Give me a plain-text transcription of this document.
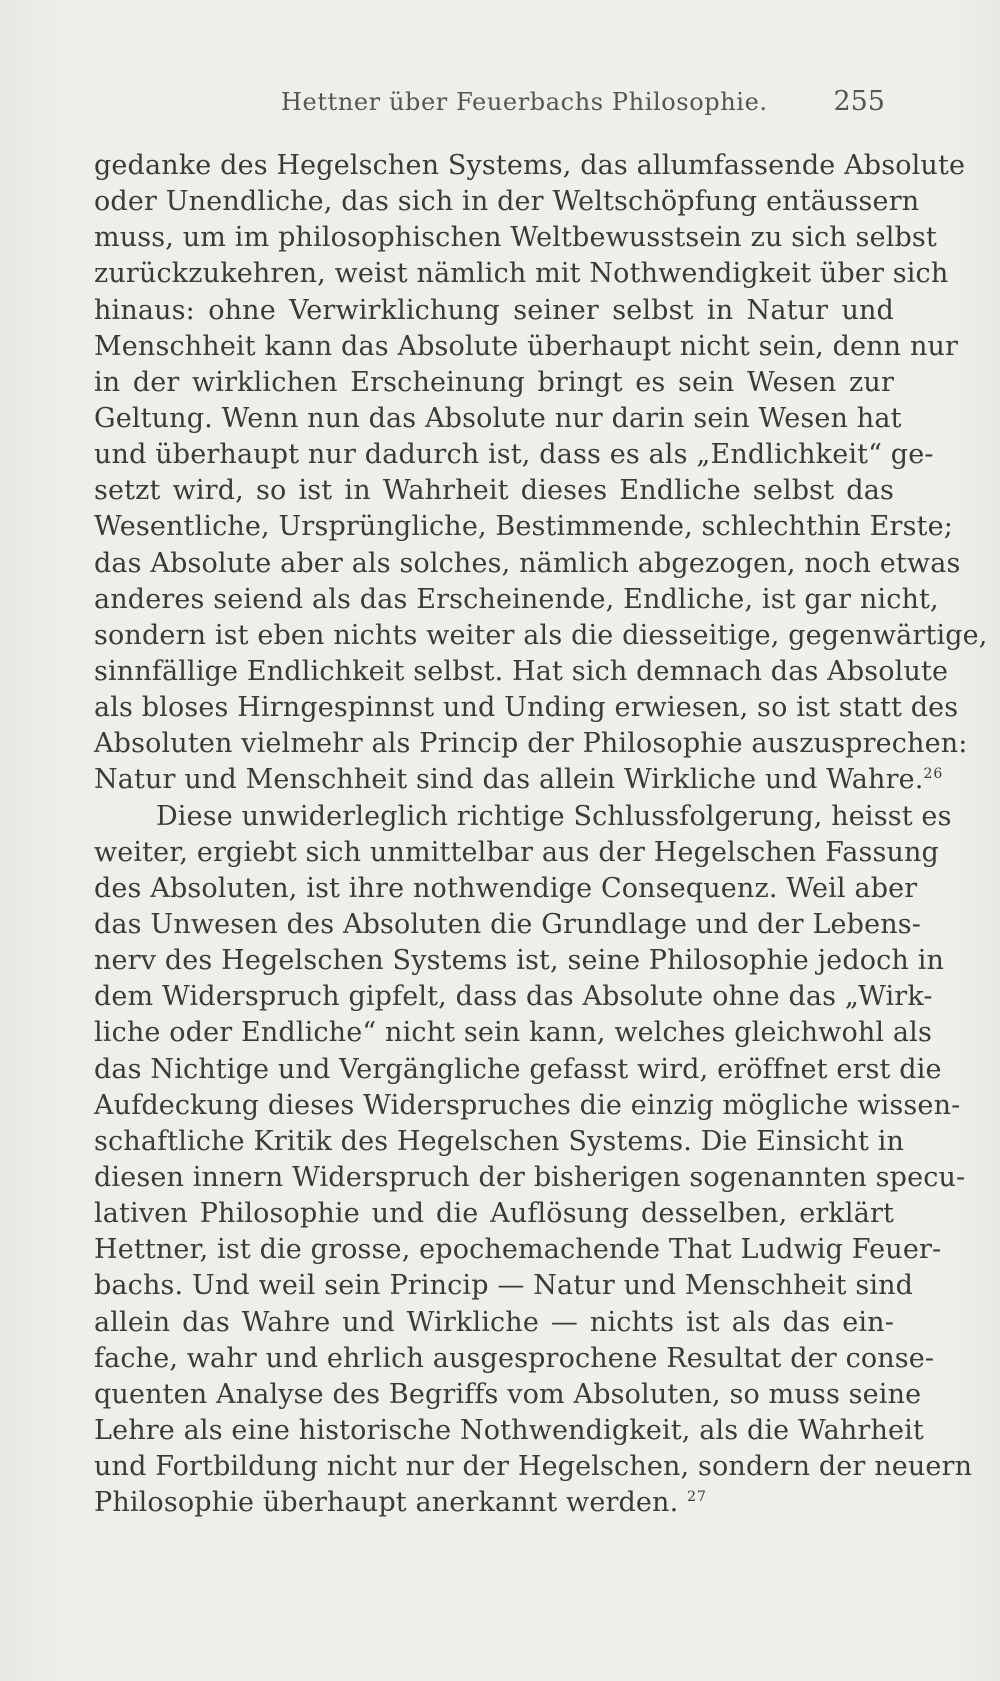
Hettner über Feuerbachs Philosophie. 255
gedanke des Hegelschen Systems, das allumfassende Absolute
oder Unendliche, das sich in der Weltschöpfung entäussern
muss, um im philosophischen Weltbewusstsein zu sich selbst
zurückzukehren, weist nämlich mit Nothwendigkeit über sich
hinaus: ohne Verwirklichung seiner selbst in Natur und
Menschheit kann das Absolute überhaupt nicht sein, denn nur
in der wirklichen Erscheinung bringt es sein Wesen zur
Geltung. Wenn nun das Absolute nur darin sein Wesen hat
und überhaupt nur dadurch ist, dass es als „Endlichkeit“ ge-
setzt wird, so ist in Wahrheit dieses Endliche selbst das
Wesentliche, Ursprüngliche, Bestimmende, schlechthin Erste;
das Absolute aber als solches, nämlich abgezogen, noch etwas
anderes seiend als das Erscheinende, Endliche, ist gar nicht,
sondern ist eben nichts weiter als die diesseitige, gegenwärtige,
sinnfällige Endlichkeit selbst. Hat sich demnach das Absolute
als bloses Hirngespinnst und Unding erwiesen, so ist statt des
Absoluten vielmehr als Princip der Philosophie auszusprechen:
Natur und Menschheit sind das allein Wirkliche und Wahre.$^{26}$
Diese unwiderleglich richtige Schlussfolgerung, heisst es
weiter, ergiebt sich unmittelbar aus der Hegelschen Fassung
des Absoluten, ist ihre nothwendige Consequenz. Weil aber
das Unwesen des Absoluten die Grundlage und der Lebens-
nerv des Hegelschen Systems ist, seine Philosophie jedoch in
dem Widerspruch gipfelt, dass das Absolute ohne das „Wirk-
liche oder Endliche“ nicht sein kann, welches gleichwohl als
das Nichtige und Vergängliche gefasst wird, eröffnet erst die
Aufdeckung dieses Widerspruches die einzig mögliche wissen-
schaftliche Kritik des Hegelschen Systems. Die Einsicht in
diesen innern Widerspruch der bisherigen sogenannten specu-
lativen Philosophie und die Auflösung desselben, erklärt
Hettner, ist die grosse, epochemachende That Ludwig Feuer-
bachs. Und weil sein Princip — Natur und Menschheit sind
allein das Wahre und Wirkliche — nichts ist als das ein-
fache, wahr und ehrlich ausgesprochene Resultat der conse-
quenten Analyse des Begriffs vom Absoluten, so muss seine
Lehre als eine historische Nothwendigkeit, als die Wahrheit
und Fortbildung nicht nur der Hegelschen, sondern der neuern
Philosophie überhaupt anerkannt werden. $^{27}$
